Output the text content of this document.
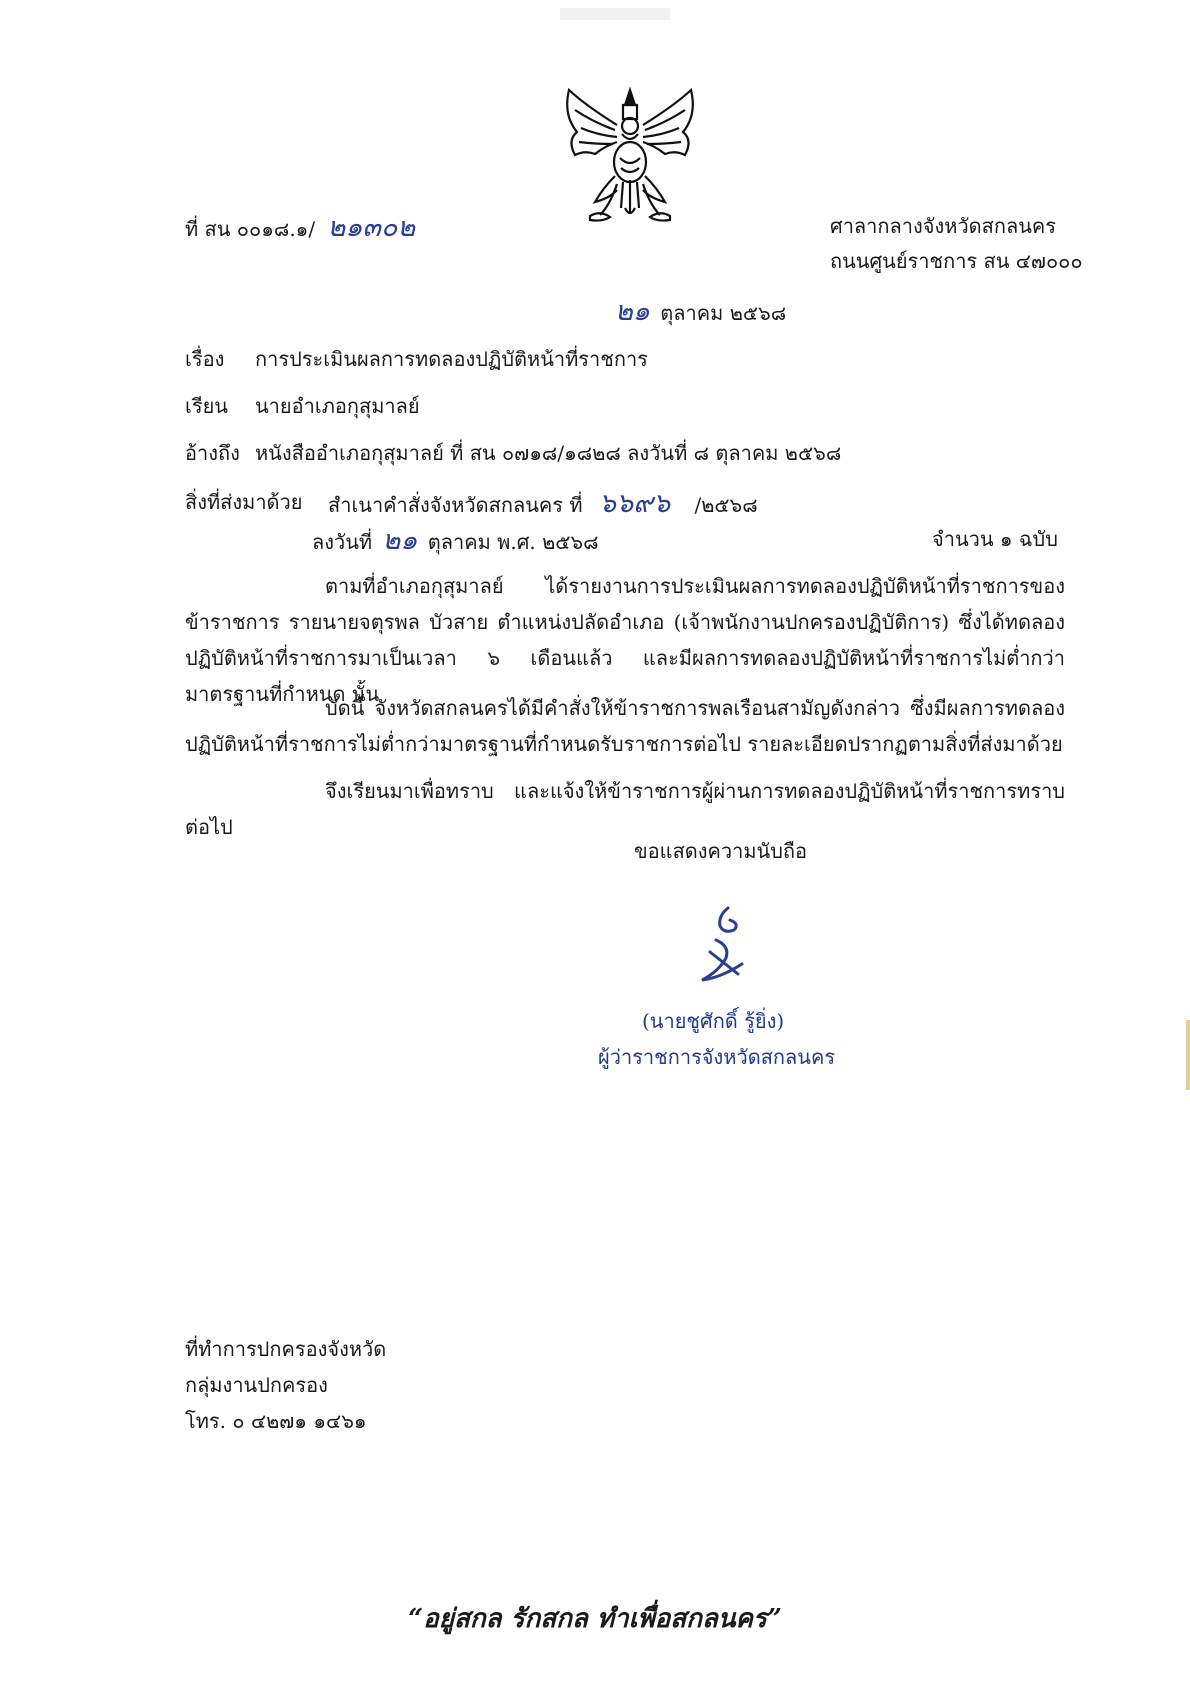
ที่ สน ๐๐๑๘.๑/ ๒๑๓๐๒	ศาลากลางจังหวัดสกลนคร
ถนนศูนย์ราชการ สน ๔๗๐๐๐
๒๑ ตุลาคม ๒๕๖๘
เรื่อง การประเมินผลการทดลองปฏิบัติหน้าที่ราชการ
เรียน นายอำเภอกุสุมาลย์
อ้างถึง หนังสืออำเภอกุสุมาลย์ ที่ สน ๐๗๑๘/๑๘๒๘ ลงวันที่ ๘ ตุลาคม ๒๕๖๘
สิ่งที่ส่งมาด้วย สำเนาคำสั่งจังหวัดสกลนคร ที่ ๖๖๙๖ /๒๕๖๘
ลงวันที่ ๒๑ ตุลาคม พ.ศ. ๒๕๖๘	จำนวน ๑ ฉบับ
ตามที่อำเภอกุสุมาลย์ ได้รายงานการประเมินผลการทดลองปฏิบัติหน้าที่ราชการของข้าราชการ รายนายจตุรพล บัวสาย ตำแหน่งปลัดอำเภอ (เจ้าพนักงานปกครองปฏิบัติการ) ซึ่งได้ทดลองปฏิบัติหน้าที่ราชการมาเป็นเวลา ๖ เดือนแล้ว และมีผลการทดลองปฏิบัติหน้าที่ราชการไม่ต่ำกว่ามาตรฐานที่กำหนด นั้น
บัดนี้ จังหวัดสกลนครได้มีคำสั่งให้ข้าราชการพลเรือนสามัญดังกล่าว ซึ่งมีผลการทดลองปฏิบัติหน้าที่ราชการไม่ต่ำกว่ามาตรฐานที่กำหนดรับราชการต่อไป รายละเอียดปรากฏตามสิ่งที่ส่งมาด้วย
จึงเรียนมาเพื่อทราบ และแจ้งให้ข้าราชการผู้ผ่านการทดลองปฏิบัติหน้าที่ราชการทราบต่อไป
ขอแสดงความนับถือ
(นายชูศักดิ์ รู้ยิ่ง)
ผู้ว่าราชการจังหวัดสกลนคร
ที่ทำการปกครองจังหวัด
กลุ่มงานปกครอง
โทร. ๐ ๔๒๗๑ ๑๔๖๑
“อยู่สกล รักสกล ทำเพื่อสกลนคร”
